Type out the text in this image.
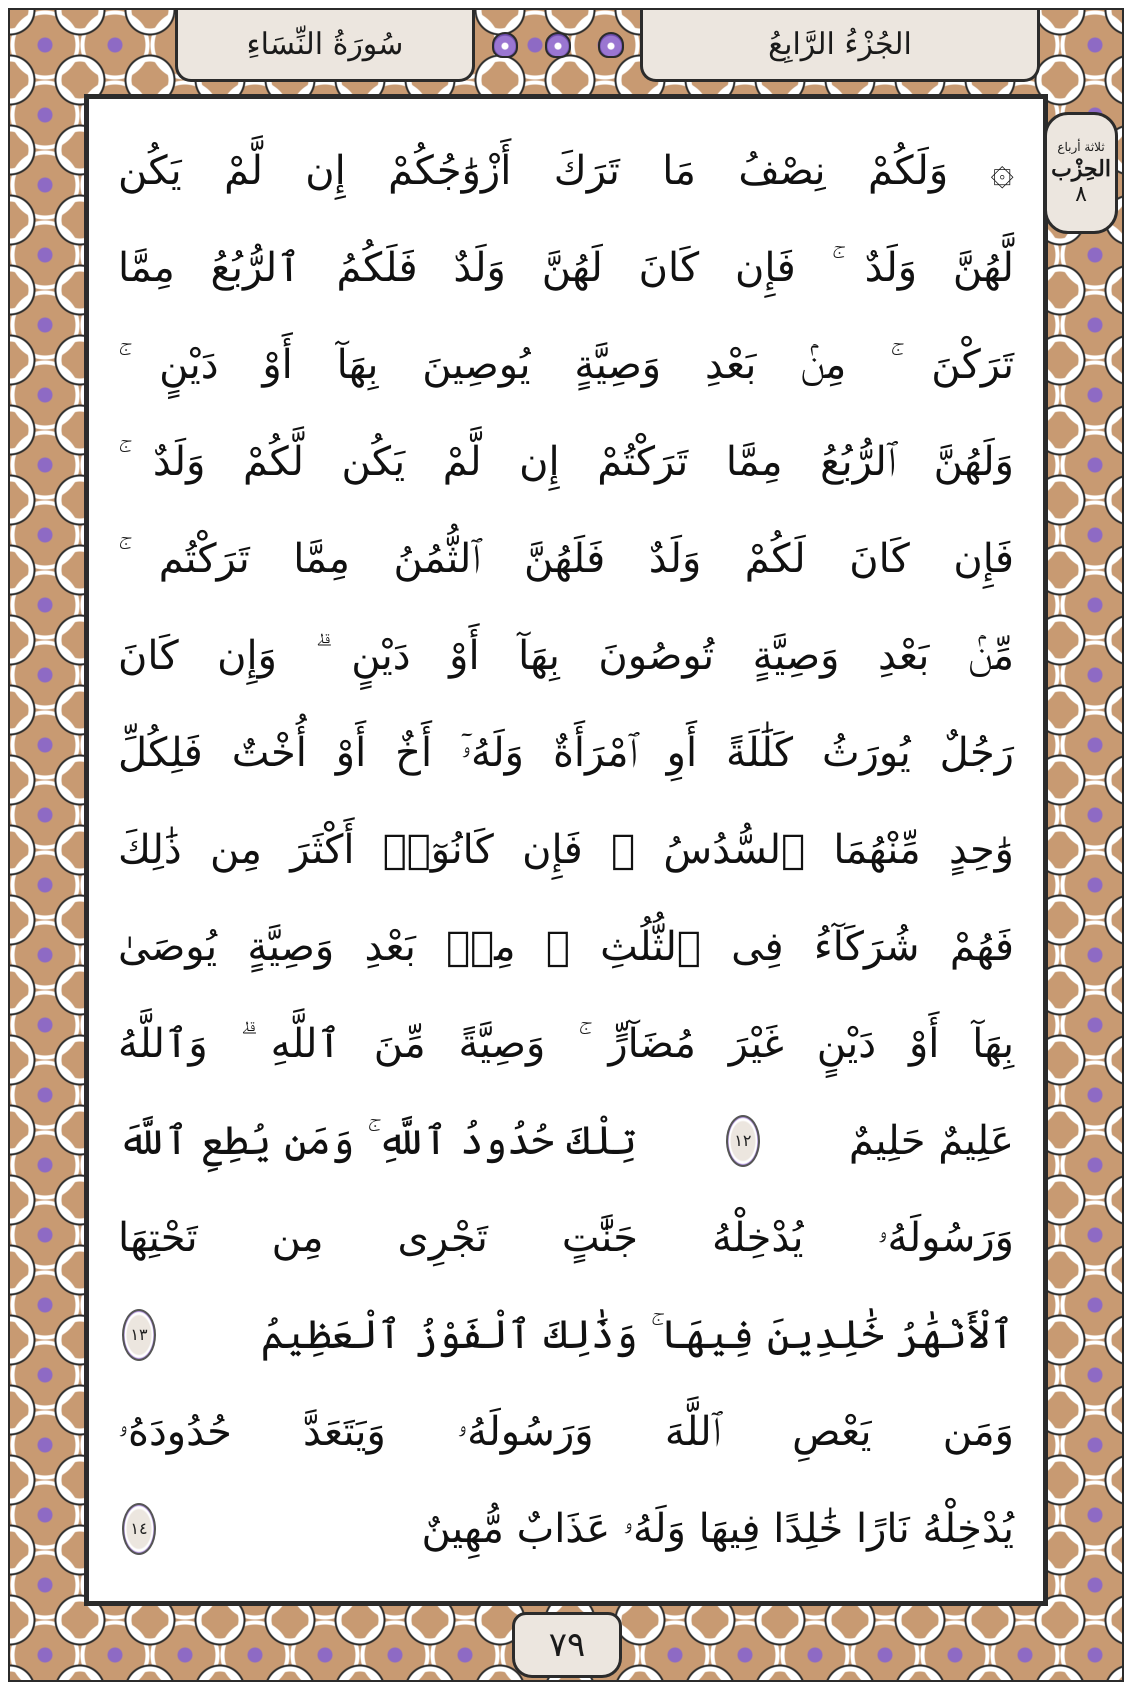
سُورَةُ النِّسَاءِ	الجُزْءُ الرَّابِعُ
ثلاثة أرباع
الحِزْب
٨
۞ وَلَكُمْ نِصْفُ مَا تَرَكَ أَزْوَٰجُكُمْ إِن لَّمْ يَكُن
لَّهُنَّ وَلَدٌ ۚ فَإِن كَانَ لَهُنَّ وَلَدٌ فَلَكُمُ ٱلرُّبُعُ مِمَّا
تَرَكْنَ ۚ مِنۢ بَعْدِ وَصِيَّةٍ يُوصِينَ بِهَآ أَوْ دَيْنٍ ۚ
وَلَهُنَّ ٱلرُّبُعُ مِمَّا تَرَكْتُمْ إِن لَّمْ يَكُن لَّكُمْ وَلَدٌ ۚ
فَإِن كَانَ لَكُمْ وَلَدٌ فَلَهُنَّ ٱلثُّمُنُ مِمَّا تَرَكْتُم ۚ
مِّنۢ بَعْدِ وَصِيَّةٍ تُوصُونَ بِهَآ أَوْ دَيْنٍ ۗ وَإِن كَانَ
رَجُلٌ يُورَثُ كَلَٰلَةً أَوِ ٱمْرَأَةٌ وَلَهُۥٓ أَخٌ أَوْ أُخْتٌ فَلِكُلِّ
وَٰحِدٍ مِّنْهُمَا ٱلسُّدُسُ ۚ فَإِن كَانُوٓا۟ أَكْثَرَ مِن ذَٰلِكَ
فَهُمْ شُرَكَآءُ فِى ٱلثُّلُثِ ۚ مِنۢ بَعْدِ وَصِيَّةٍ يُوصَىٰ
بِهَآ أَوْ دَيْنٍ غَيْرَ مُضَآرٍّ ۚ وَصِيَّةً مِّنَ ٱللَّهِ ۗ وَٱللَّهُ
عَلِيمٌ حَلِيمٌ
١٢
تِلْكَ حُدُودُ ٱللَّهِ ۚ وَمَن يُطِعِ ٱللَّهَ
وَرَسُولَهُۥ يُدْخِلْهُ جَنَّٰتٍ تَجْرِى مِن تَحْتِهَا
ٱلْأَنْهَٰرُ خَٰلِدِينَ فِيهَا ۚ وَذَٰلِكَ ٱلْفَوْزُ ٱلْعَظِيمُ
١٣
وَمَن يَعْصِ ٱللَّهَ وَرَسُولَهُۥ وَيَتَعَدَّ حُدُودَهُۥ
يُدْخِلْهُ نَارًا خَٰلِدًا فِيهَا وَلَهُۥ عَذَابٌ مُّهِينٌ
١٤
٧٩
